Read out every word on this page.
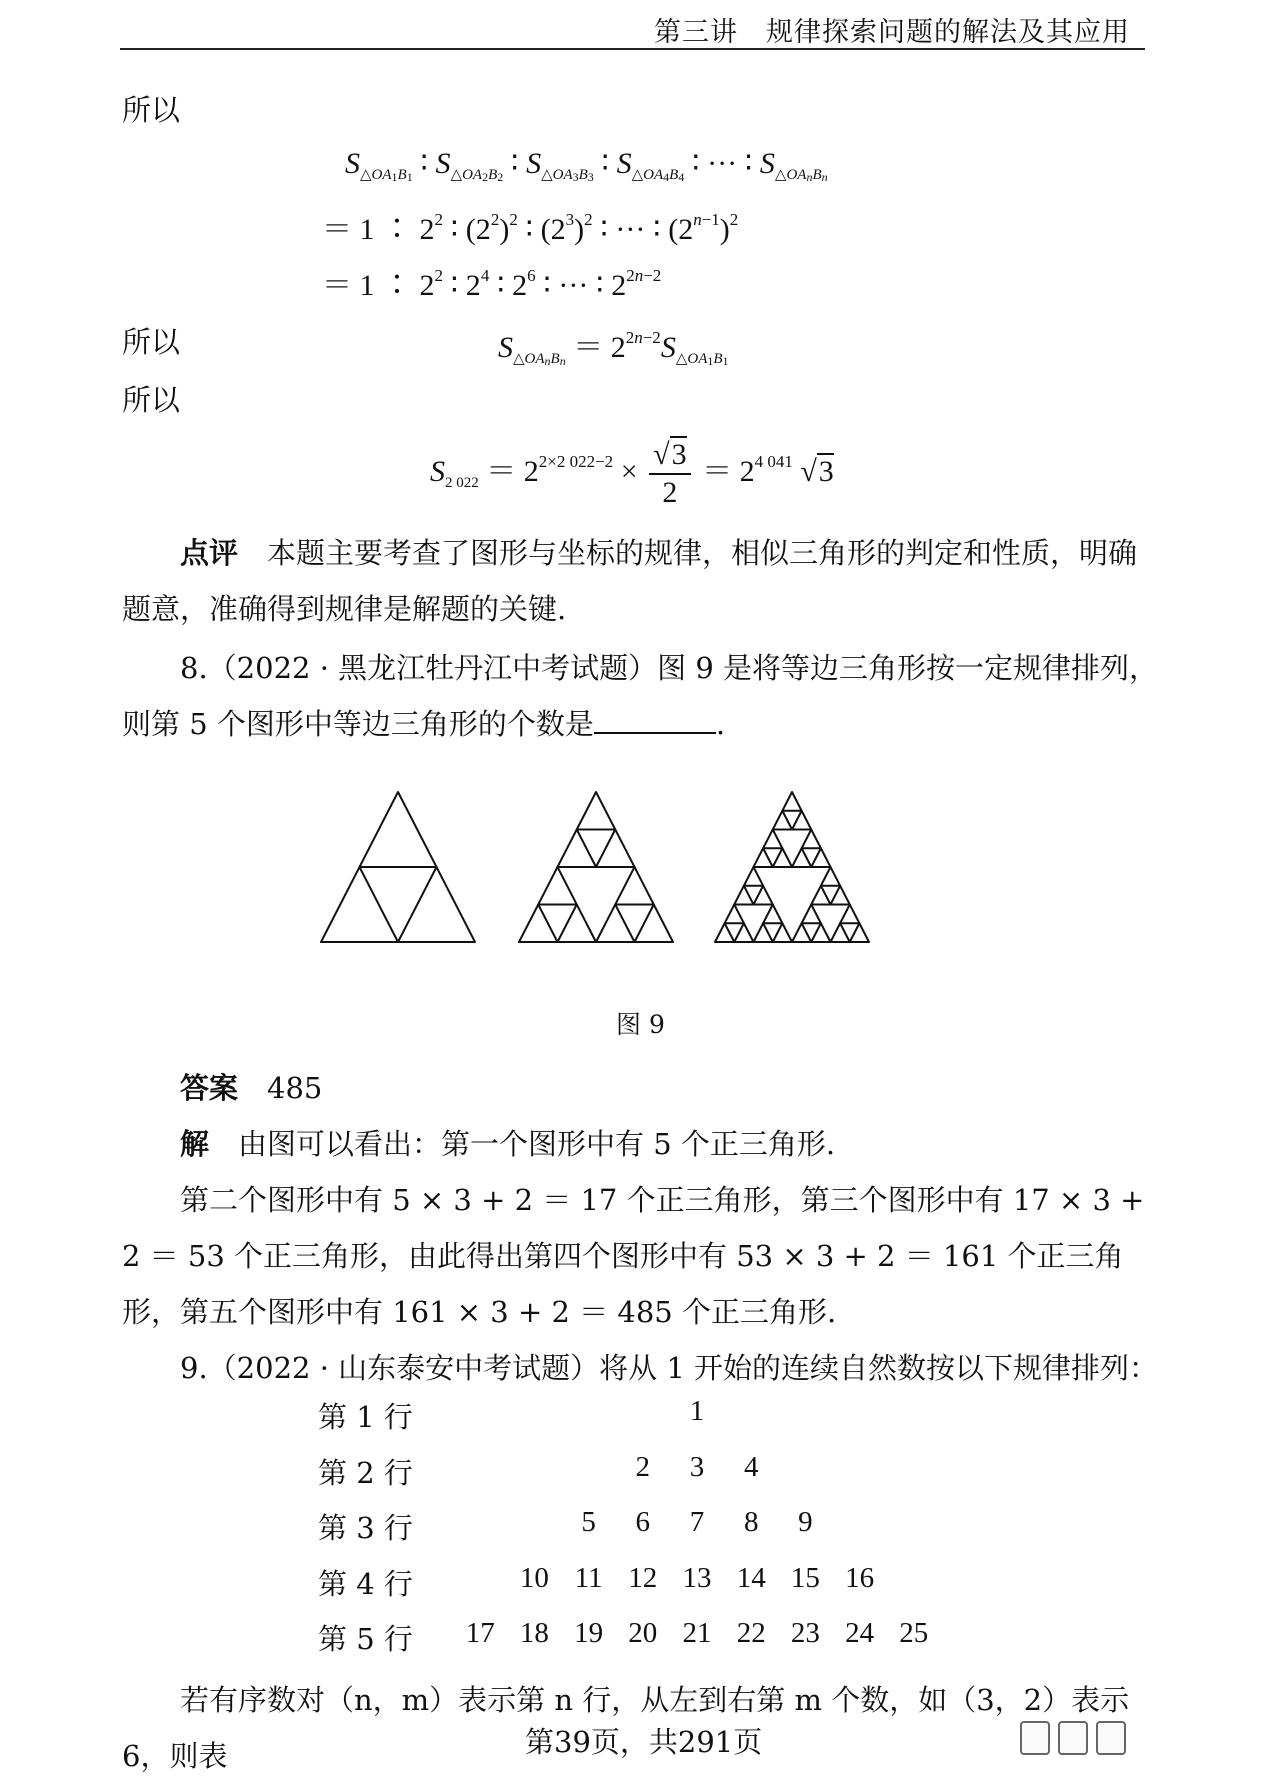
第三讲　规律探索问题的解法及其应用
所以
$S_{\triangle OA1B1}$ ∶ $S_{\triangle OA2B2}$ ∶ $S_{\triangle OA3B3}$ ∶ $S_{\triangle OA4B4}$ ∶ ··· ∶ $S_{\triangle OAnBn}$
＝ 1 ∶ $2^2$ ∶ $(2^2)^2$ ∶ $(2^3)^2$ ∶ ··· ∶ $(2^{n-1})^2$
＝ 1 ∶ $2^2$ ∶ $2^4$ ∶ $2^6$ ∶ ··· ∶ $2^{2n-2}$
所以	$S_{\triangle OAnBn} = 2^{2n-2}S_{\triangle OA1B1}$
所以
$S_{2 022} = 2^{2\times 2 022-2} \times \frac{√3}{2} = 2^{4 041}$ √3
点评　 本题主要考查了图形与坐标的规律，相似三角形的判定和性质，明确题意，准确得到规律是解题的关键.
8.（2022 · 黑龙江牡丹江中考试题）图 9 是将等边三角形按一定规律排列，则第 5 个图形中等边三角形的个数是	.
图 9
答案　 485
解　 由图可以看出：第一个图形中有 5 个正三角形.
第二个图形中有 5 × 3 + 2 ＝ 17 个正三角形，第三个图形中有 17 × 3 + 2 ＝ 53 个正三角形，由此得出第四个图形中有 53 × 3 + 2 ＝ 161 个正三角形，第五个图形中有 161 × 3 + 2 ＝ 485 个正三角形.
9.（2022 · 山东泰安中考试题）将从 1 开始的连续自然数按以下规律排列：
第 1 行	1
第 2 行	2	3	4
第 3 行	5	6	7	8	9
第 4 行	10 11 12 13 14 15 16
第 5 行	17 18 19 20 21 22 23 24 25
若有序数对（n，m）表示第 n 行，从左到右第 m 个数，如（3，2）表示 6，则表	第39页，共291页
